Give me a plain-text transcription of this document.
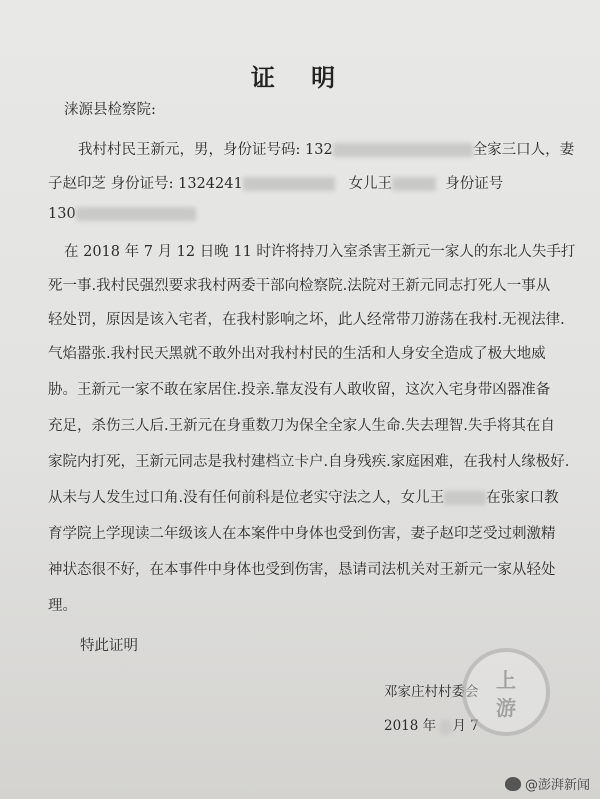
证 明
涞源县检察院:
我村村民王新元，男，身份证号码: 132	全家三口人，妻
子赵印芝 身份证号: 1324241	女儿王	身份证号
130
在 2018 年 7 月 12 日晚 11 时许将持刀入室杀害王新元一家人的东北人失手打
死一事.我村民强烈要求我村两委干部向检察院.法院对王新元同志打死人一事从
轻处罚，原因是该入宅者，在我村影响之坏，此人经常带刀游荡在我村.无视法律.
气焰嚣张.我村民天黑就不敢外出对我村村民的生活和人身安全造成了极大地威
胁。王新元一家不敢在家居住.投亲.靠友没有人敢收留，这次入宅身带凶器准备
充足，杀伤三人后.王新元在身重数刀为保全全家人生命.失去理智.失手将其在自
家院内打死，王新元同志是我村建档立卡户.自身残疾.家庭困难，在我村人缘极好.
从未与人发生过口角.没有任何前科是位老实守法之人，女儿王	在张家口教
育学院上学现读二年级该人在本案件中身体也受到伤害，妻子赵印芝受过刺激精
神状态很不好，在本事件中身体也受到伤害，恳请司法机关对王新元一家从轻处
理。
特此证明
邓家庄村村委会
2018 年 月 7
上
游
@澎湃新闻
